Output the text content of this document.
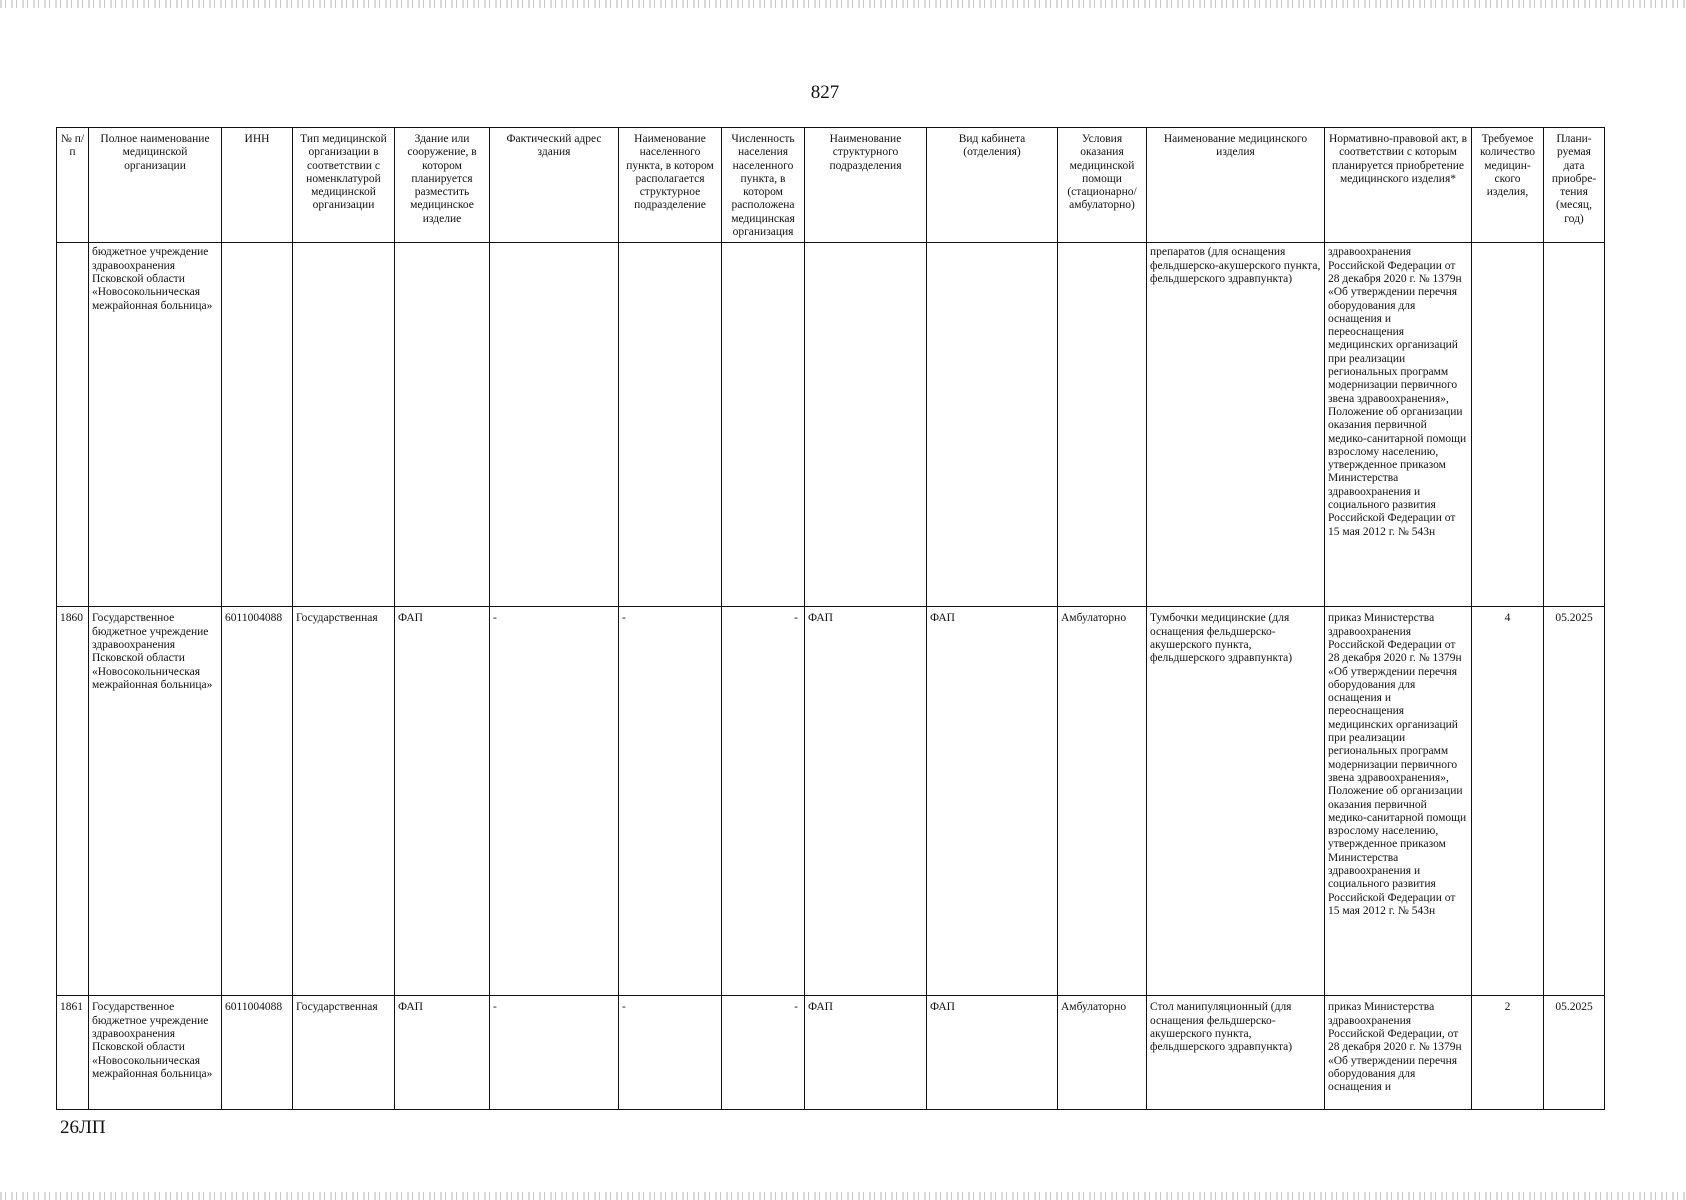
827
№ п/п	Полное наименование медицинской организации	ИНН	Тип медицинской организации в соответствии с номенклатурой медицинской организации	Здание или сооружение, в котором планируется разместить медицинское изделие	Фактический адрес здания	Наименование населенного пункта, в котором располагается структурное подразделение	Численность населения населенного пункта, в котором расположена медицинская организация	Наименование структурного подразделения	Вид кабинета (отделения)	Условия оказания медицинской помощи (стационарно/ амбулаторно)	Наименование медицинского изделия	Нормативно-правовой акт, в соответствии с которым планируется приобретение медицинского изделия*	Требуемое количество медицин-ского изделия,	Плани-руемая дата приобре-тения (месяц, год)
	бюджетное учреждение здравоохранения Псковской области «Новосокольническая межрайонная больница»										препаратов (для оснащения фельдшерско-акушерского пункта, фельдшерского здравпункта)	здравоохранения Российской Федерации от 28 декабря 2020 г. № 1379н «Об утверждении перечня оборудования для оснащения и переоснащения медицинских организаций при реализации региональных программ модернизации первичного звена здравоохранения», Положение об организации оказания первичной медико-санитарной помощи взрослому населению, утвержденное приказом Министерства здравоохранения и социального развития Российской Федерации от 15 мая 2012 г. № 543н		
1860	Государственное бюджетное учреждение здравоохранения Псковской области «Новосокольническая межрайонная больница»	6011004088	Государственная	ФАП	-	-	-	ФАП	ФАП	Амбулаторно	Тумбочки медицинские (для оснащения фельдшерско-акушерского пункта, фельдшерского здравпункта)	приказ Министерства здравоохранения Российской Федерации от 28 декабря 2020 г. № 1379н «Об утверждении перечня оборудования для оснащения и переоснащения медицинских организаций при реализации региональных программ модернизации первичного звена здравоохранения», Положение об организации оказания первичной медико-санитарной помощи взрослому населению, утвержденное приказом Министерства здравоохранения и социального развития Российской Федерации от 15 мая 2012 г. № 543н	4	05.2025
1861	Государственное бюджетное учреждение здравоохранения Псковской области «Новосокольническая межрайонная больница»	6011004088	Государственная	ФАП	-	-	-	ФАП	ФАП	Амбулаторно	Стол манипуляционный (для оснащения фельдшерско-акушерского пункта, фельдшерского здравпункта)	приказ Министерства здравоохранения Российской Федерации, от 28 декабря 2020 г. № 1379н «Об утверждении перечня оборудования для оснащения и	2	05.2025
26ЛП
